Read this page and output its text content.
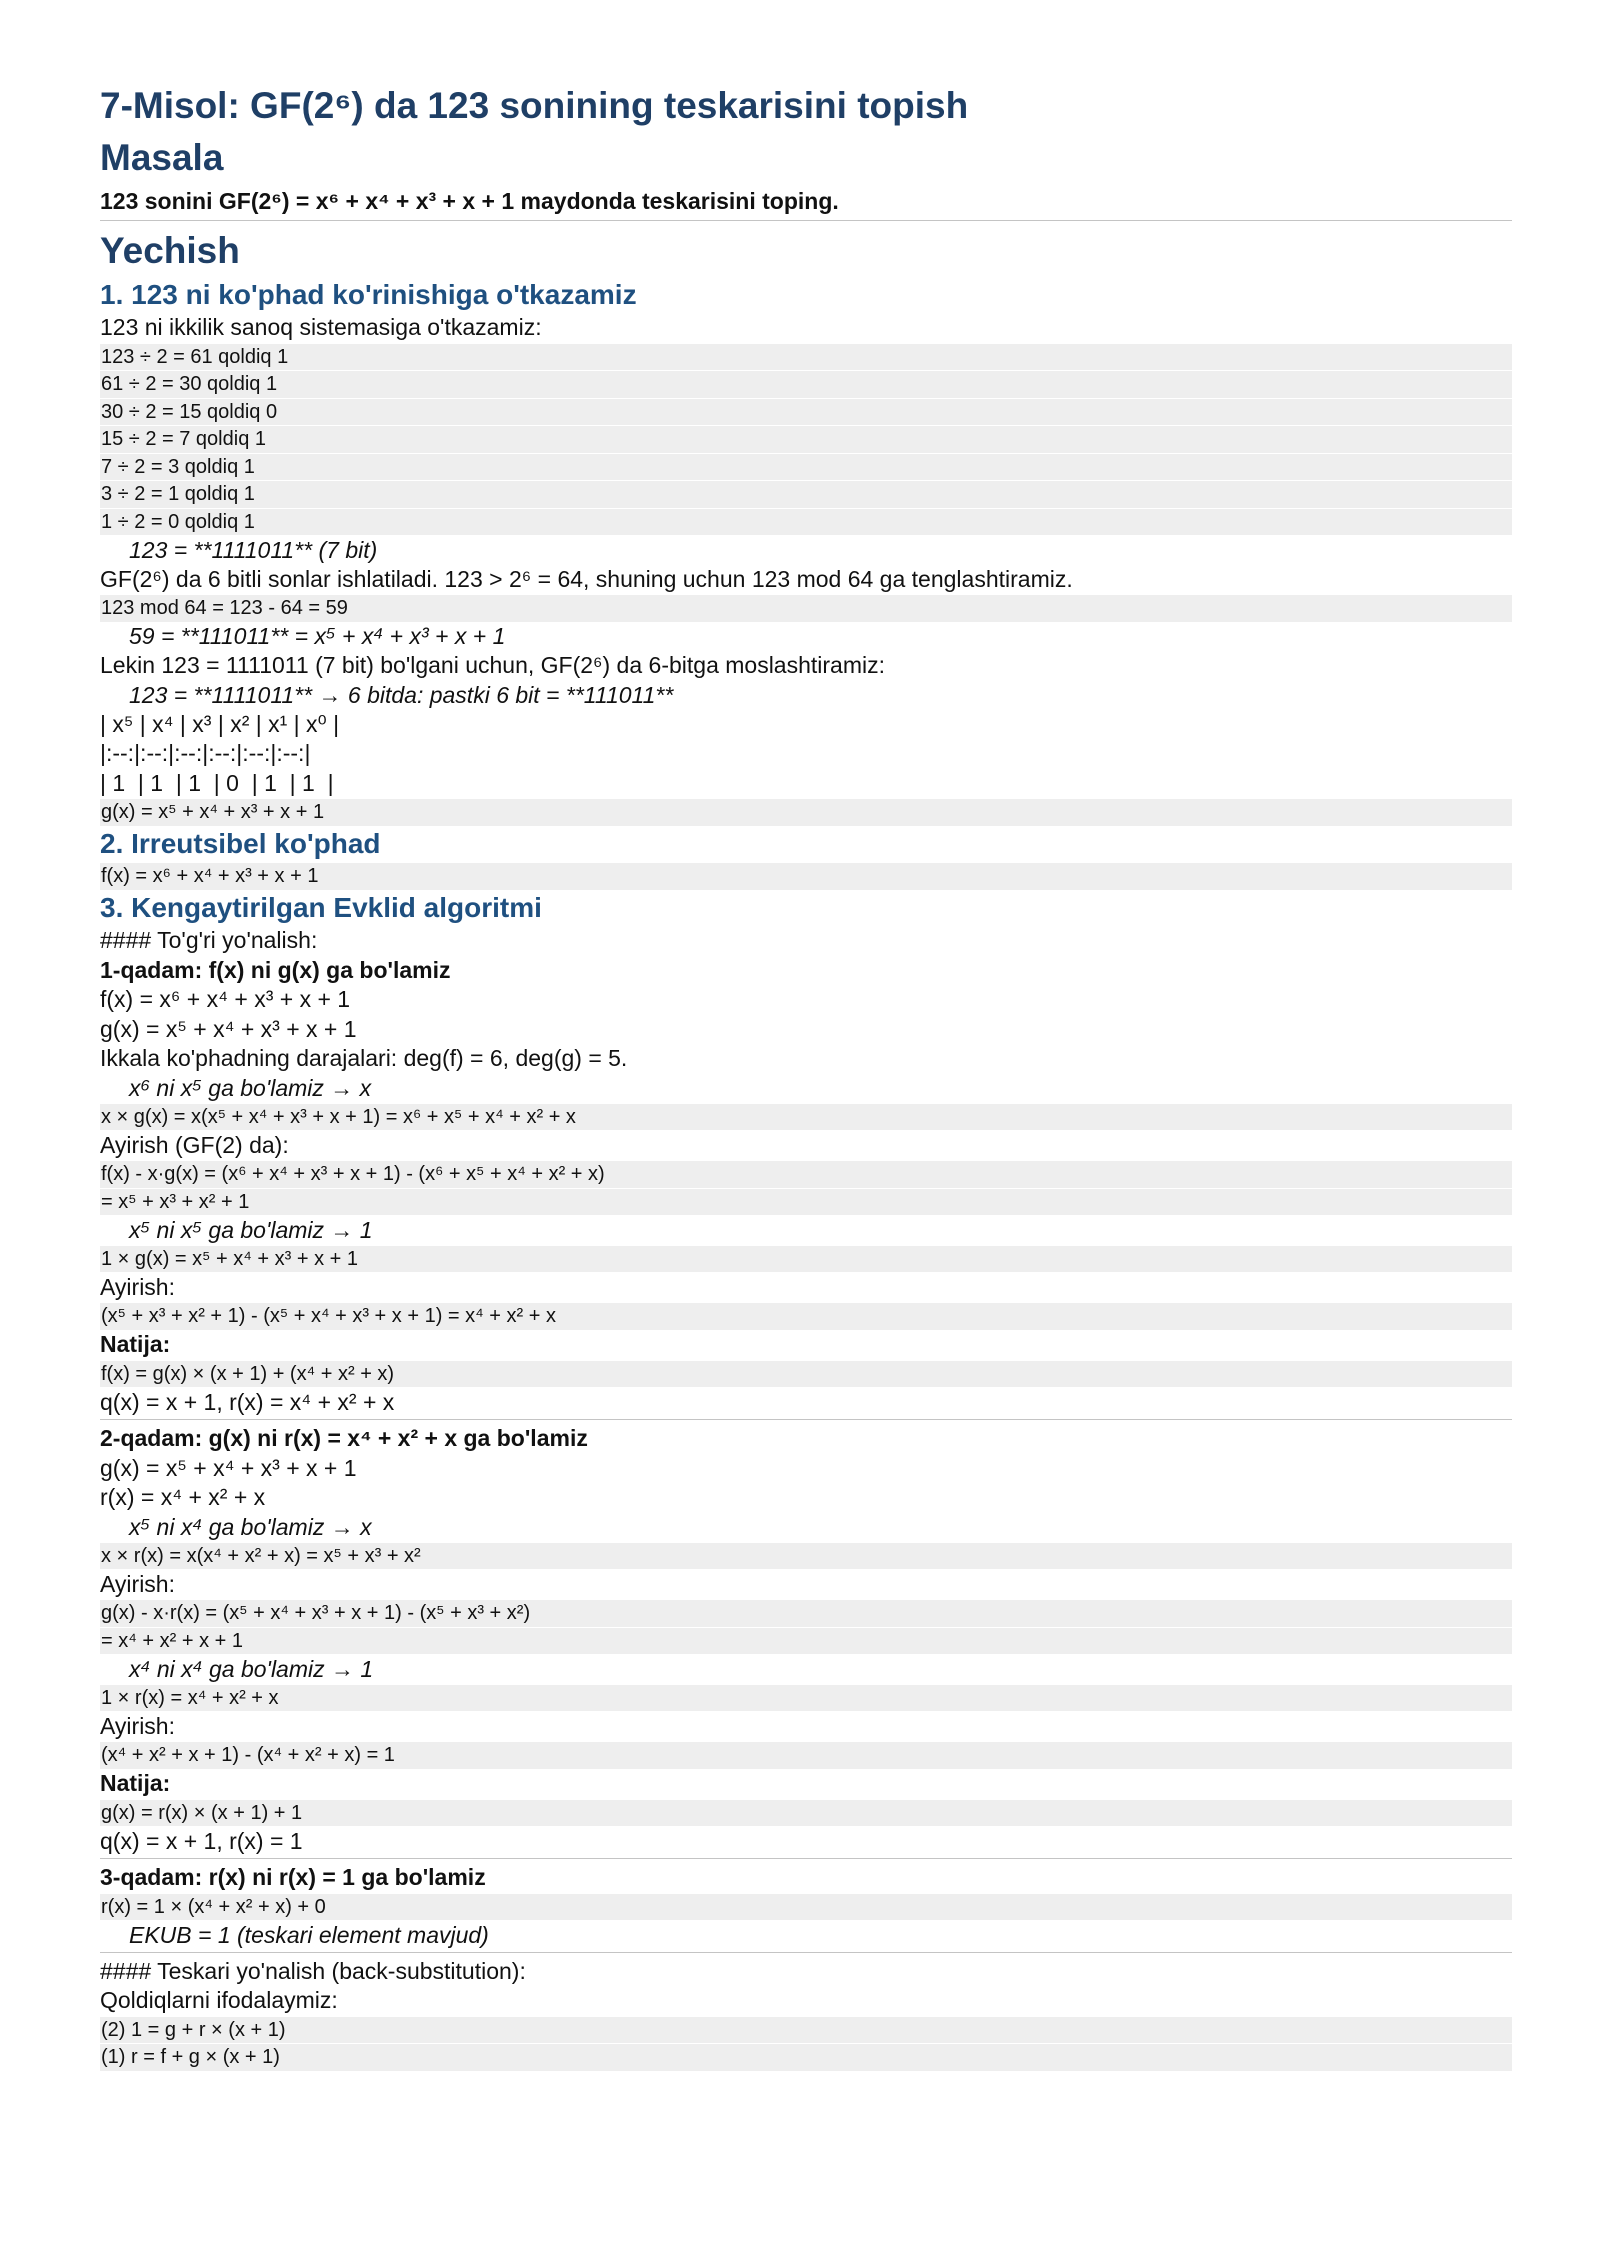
7-Misol: GF(2⁶) da 123 sonining teskarisini topish
Masala
123 sonini GF(2⁶) = x⁶ + x⁴ + x³ + x + 1 maydonda teskarisini toping.
Yechish
1. 123 ni ko'phad ko'rinishiga o'tkazamiz
123 ni ikkilik sanoq sistemasiga o'tkazamiz:
123 ÷ 2 = 61 qoldiq 1
61 ÷ 2 = 30 qoldiq 1
30 ÷ 2 = 15 qoldiq 0
15 ÷ 2 = 7 qoldiq 1
7 ÷ 2 = 3 qoldiq 1
3 ÷ 2 = 1 qoldiq 1
1 ÷ 2 = 0 qoldiq 1
123 = **1111011** (7 bit)
GF(2⁶) da 6 bitli sonlar ishlatiladi. 123 > 2⁶ = 64, shuning uchun 123 mod 64 ga tenglashtiramiz.
123 mod 64 = 123 - 64 = 59
59 = **111011** = x⁵ + x⁴ + x³ + x + 1
Lekin 123 = 1111011 (7 bit) bo'lgani uchun, GF(2⁶) da 6-bitga moslashtiramiz:
123 = **1111011** → 6 bitda: pastki 6 bit = **111011**
| x⁵ | x⁴ | x³ | x² | x¹ | x⁰ |
|:--:|:--:|:--:|:--:|:--:|:--:|
| 1  | 1  | 1  | 0  | 1  | 1  |
g(x) = x⁵ + x⁴ + x³ + x + 1
2. Irreutsibel ko'phad
f(x) = x⁶ + x⁴ + x³ + x + 1
3. Kengaytirilgan Evklid algoritmi
#### To'g'ri yo'nalish:
1-qadam: f(x) ni g(x) ga bo'lamiz
f(x) = x⁶ + x⁴ + x³ + x + 1
g(x) = x⁵ + x⁴ + x³ + x + 1
Ikkala ko'phadning darajalari: deg(f) = 6, deg(g) = 5.
x⁶ ni x⁵ ga bo'lamiz → x
x × g(x) = x(x⁵ + x⁴ + x³ + x + 1) = x⁶ + x⁵ + x⁴ + x² + x
Ayirish (GF(2) da):
f(x) - x·g(x) = (x⁶ + x⁴ + x³ + x + 1) - (x⁶ + x⁵ + x⁴ + x² + x)
= x⁵ + x³ + x² + 1
x⁵ ni x⁵ ga bo'lamiz → 1
1 × g(x) = x⁵ + x⁴ + x³ + x + 1
Ayirish:
(x⁵ + x³ + x² + 1) - (x⁵ + x⁴ + x³ + x + 1) = x⁴ + x² + x
Natija:
f(x) = g(x) × (x + 1) + (x⁴ + x² + x)
q(x) = x + 1, r(x) = x⁴ + x² + x
2-qadam: g(x) ni r(x) = x⁴ + x² + x ga bo'lamiz
g(x) = x⁵ + x⁴ + x³ + x + 1
r(x) = x⁴ + x² + x
x⁵ ni x⁴ ga bo'lamiz → x
x × r(x) = x(x⁴ + x² + x) = x⁵ + x³ + x²
Ayirish:
g(x) - x·r(x) = (x⁵ + x⁴ + x³ + x + 1) - (x⁵ + x³ + x²)
= x⁴ + x² + x + 1
x⁴ ni x⁴ ga bo'lamiz → 1
1 × r(x) = x⁴ + x² + x
Ayirish:
(x⁴ + x² + x + 1) - (x⁴ + x² + x) = 1
Natija:
g(x) = r(x) × (x + 1) + 1
q(x) = x + 1, r(x) = 1
3-qadam: r(x) ni r(x) = 1 ga bo'lamiz
r(x) = 1 × (x⁴ + x² + x) + 0
EKUB = 1 (teskari element mavjud)
#### Teskari yo'nalish (back-substitution):
Qoldiqlarni ifodalaymiz:
(2) 1 = g + r × (x + 1)
(1) r = f + g × (x + 1)
